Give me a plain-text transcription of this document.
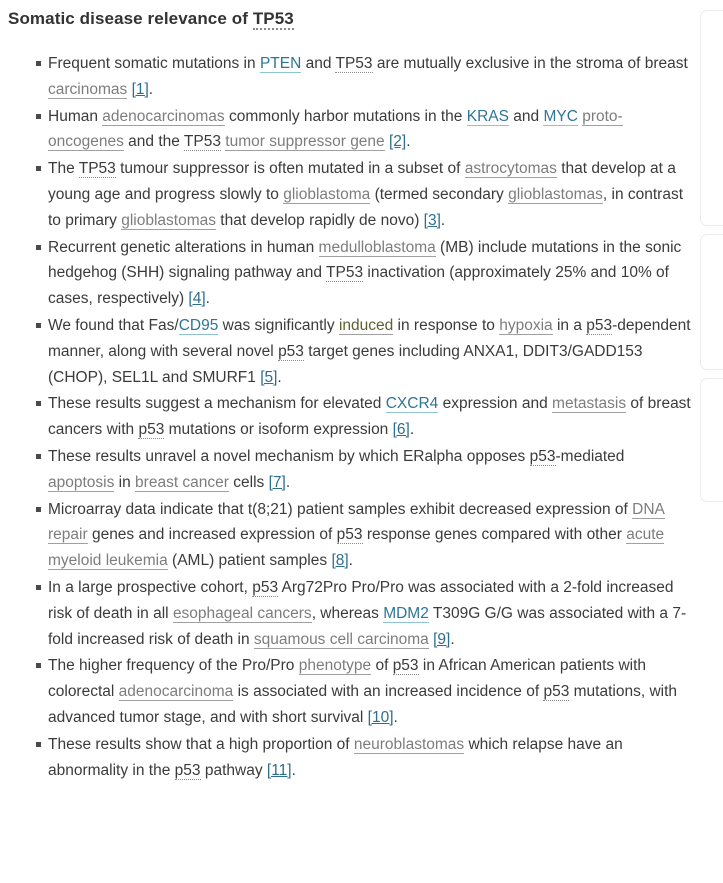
Somatic disease relevance of TP53
Frequent somatic mutations in PTEN and TP53 are mutually exclusive in the stroma of breast carcinomas [1].
Human adenocarcinomas commonly harbor mutations in the KRAS and MYC proto-oncogenes and the TP53 tumor suppressor gene [2].
The TP53 tumour suppressor is often mutated in a subset of astrocytomas that develop at a young age and progress slowly to glioblastoma (termed secondary glioblastomas, in contrast to primary glioblastomas that develop rapidly de novo) [3].
Recurrent genetic alterations in human medulloblastoma (MB) include mutations in the sonic hedgehog (SHH) signaling pathway and TP53 inactivation (approximately 25% and 10% of cases, respectively) [4].
We found that Fas/CD95 was significantly induced in response to hypoxia in a p53-dependent manner, along with several novel p53 target genes including ANXA1, DDIT3/GADD153 (CHOP), SEL1L and SMURF1 [5].
These results suggest a mechanism for elevated CXCR4 expression and metastasis of breast cancers with p53 mutations or isoform expression [6].
These results unravel a novel mechanism by which ERalpha opposes p53-mediated apoptosis in breast cancer cells [7].
Microarray data indicate that t(8;21) patient samples exhibit decreased expression of DNA repair genes and increased expression of p53 response genes compared with other acute myeloid leukemia (AML) patient samples [8].
In a large prospective cohort, p53 Arg72Pro Pro/Pro was associated with a 2-fold increased risk of death in all esophageal cancers, whereas MDM2 T309G G/G was associated with a 7-fold increased risk of death in squamous cell carcinoma [9].
The higher frequency of the Pro/Pro phenotype of p53 in African American patients with colorectal adenocarcinoma is associated with an increased incidence of p53 mutations, with advanced tumor stage, and with short survival [10].
These results show that a high proportion of neuroblastomas which relapse have an abnormality in the p53 pathway [11].
